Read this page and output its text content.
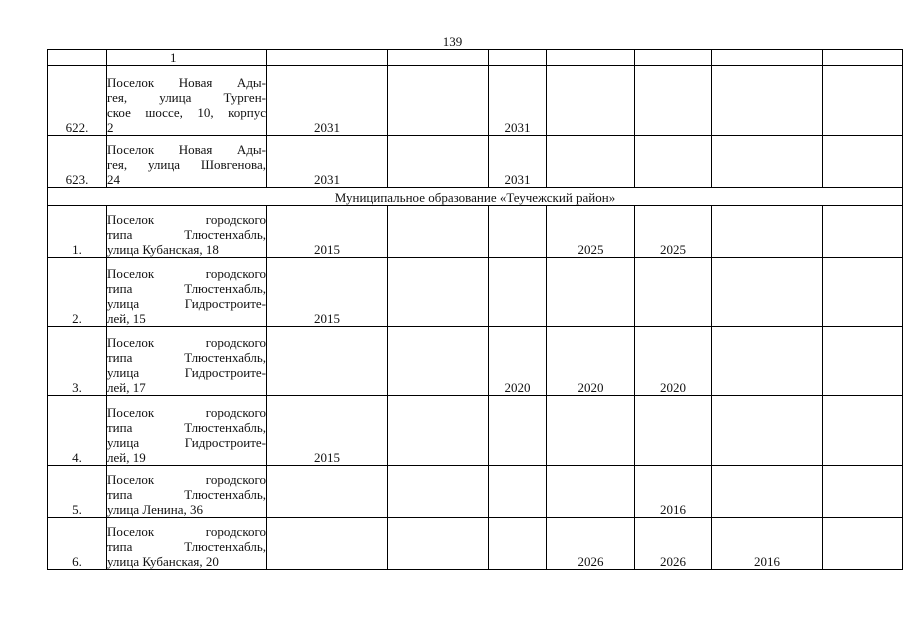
139
	1							
622.	Поселок Новая Ады-
гея, улица Турген-
ское шоссе, 10, корпус
2	2031		2031				
623.	Поселок Новая Ады-
гея, улица Шовгенова,
24	2031		2031				
Муниципальное образование «Теучежский район»								
1.	Поселок городского
типа Тлюстенхабль,
улица Кубанская, 18	2015			2025	2025		
2.	Поселок городского
типа Тлюстенхабль,
улица Гидростроите-
лей, 15	2015						
3.	Поселок городского
типа Тлюстенхабль,
улица Гидростроите-
лей, 17			2020	2020	2020		
4.	Поселок городского
типа Тлюстенхабль,
улица Гидростроите-
лей, 19	2015						
5.	Поселок городского
типа Тлюстенхабль,
улица Ленина, 36					2016		
6.	Поселок городского
типа Тлюстенхабль,
улица Кубанская, 20				2026	2026	2016	
